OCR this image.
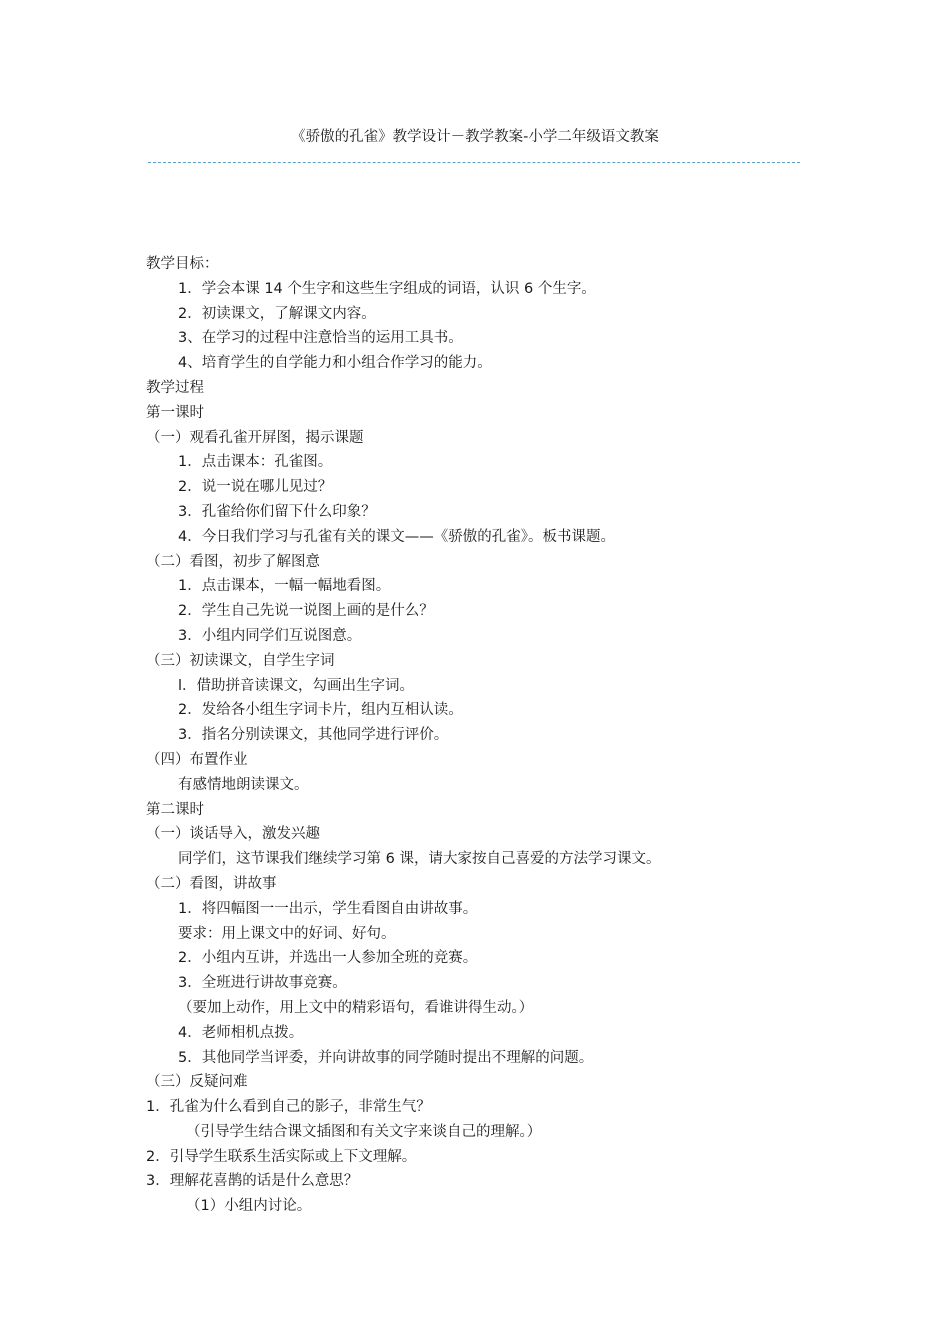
《骄傲的孔雀》教学设计－教学教案-小学二年级语文教案
教学目标：
1．学会本课 14 个生字和这些生字组成的词语，认识 6 个生字。
2．初读课文，了解课文内容。
3、在学习的过程中注意恰当的运用工具书。
4、培育学生的自学能力和小组合作学习的能力。
教学过程
第一课时
（一）观看孔雀开屏图，揭示课题
1．点击课本：孔雀图。
2．说一说在哪儿见过？
3．孔雀给你们留下什么印象？
4．今日我们学习与孔雀有关的课文——《骄傲的孔雀》。板书课题。
（二）看图，初步了解图意
1．点击课本，一幅一幅地看图。
2．学生自己先说一说图上画的是什么？
3．小组内同学们互说图意。
（三）初读课文，自学生字词
l．借助拼音读课文，勾画出生字词。
2．发给各小组生字词卡片，组内互相认读。
3．指名分别读课文，其他同学进行评价。
（四）布置作业
有感情地朗读课文。
第二课时
（一）谈话导入，激发兴趣
同学们，这节课我们继续学习第 6 课，请大家按自己喜爱的方法学习课文。
（二）看图，讲故事
1．将四幅图一一出示，学生看图自由讲故事。
要求：用上课文中的好词、好句。
2．小组内互讲，并选出一人参加全班的竞赛。
3．全班进行讲故事竞赛。
（要加上动作，用上文中的精彩语句，看谁讲得生动。）
4．老师相机点拨。
5．其他同学当评委，并向讲故事的同学随时提出不理解的问题。
（三）反疑问难
1．孔雀为什么看到自己的影子，非常生气？
（引导学生结合课文插图和有关文字来谈自己的理解。）
2．引导学生联系生活实际或上下文理解。
3．理解花喜鹊的话是什么意思？
（1）小组内讨论。
